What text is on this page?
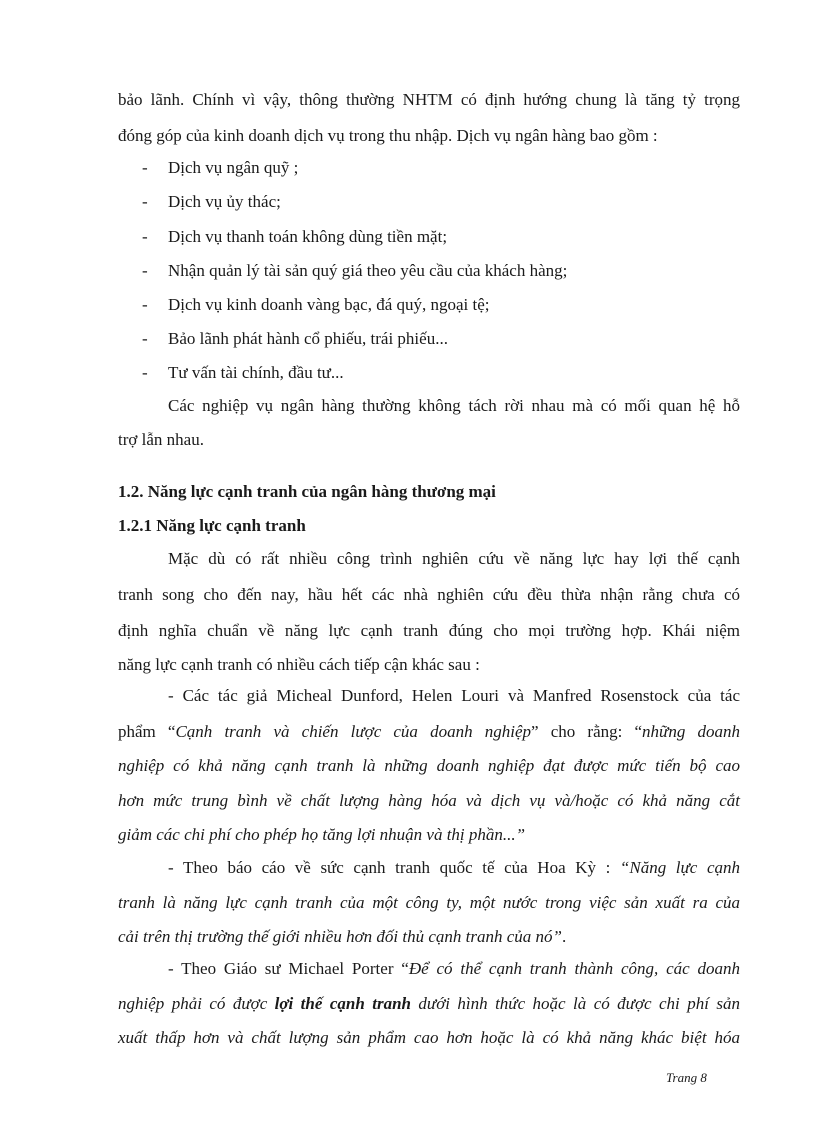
bảo lãnh. Chính vì vậy, thông thường NHTM có định hướng chung là tăng tỷ trọng
đóng góp của kinh doanh dịch vụ trong thu nhập. Dịch vụ ngân hàng bao gồm :
- Dịch vụ ngân quỹ ;
- Dịch vụ ủy thác;
- Dịch vụ thanh toán không dùng tiền mặt;
- Nhận quản lý tài sản quý giá theo yêu cầu của khách hàng;
- Dịch vụ kinh doanh vàng bạc, đá quý, ngoại tệ;
- Bảo lãnh phát hành cổ phiếu, trái phiếu...
- Tư vấn tài chính, đầu tư...
Các nghiệp vụ ngân hàng thường không tách rời nhau mà có mối quan hệ hỗ
trợ lẫn nhau.
1.2. Năng lực cạnh tranh của ngân hàng thương mại
1.2.1 Năng lực cạnh tranh
Mặc dù có rất nhiều công trình nghiên cứu về năng lực hay lợi thế cạnh
tranh song cho đến nay, hầu hết các nhà nghiên cứu đều thừa nhận rằng chưa có
định nghĩa chuẩn về năng lực cạnh tranh đúng cho mọi trường hợp. Khái niệm
năng lực cạnh tranh có nhiều cách tiếp cận khác sau :
- Các tác giả Micheal Dunford, Helen Louri và Manfred Rosenstock của tác
phẩm “Cạnh tranh và chiến lược của doanh nghiệp” cho rằng: “những doanh
nghiệp có khả năng cạnh tranh là những doanh nghiệp đạt được mức tiến bộ cao
hơn mức trung bình về chất lượng hàng hóa và dịch vụ và/hoặc có khả năng cắt
giảm các chi phí cho phép họ tăng lợi nhuận và thị phần...”
- Theo báo cáo về sức cạnh tranh quốc tế của Hoa Kỳ : “Năng lực cạnh
tranh là năng lực cạnh tranh của một công ty, một nước trong việc sản xuất ra của
cải trên thị trường thế giới nhiều hơn đối thủ cạnh tranh của nó”.
- Theo Giáo sư Michael Porter “Để có thể cạnh tranh thành công, các doanh
nghiệp phải có được lợi thế cạnh tranh dưới hình thức hoặc là có được chi phí sản
xuất thấp hơn và chất lượng sản phẩm cao hơn hoặc là có khả năng khác biệt hóa
Trang 8
